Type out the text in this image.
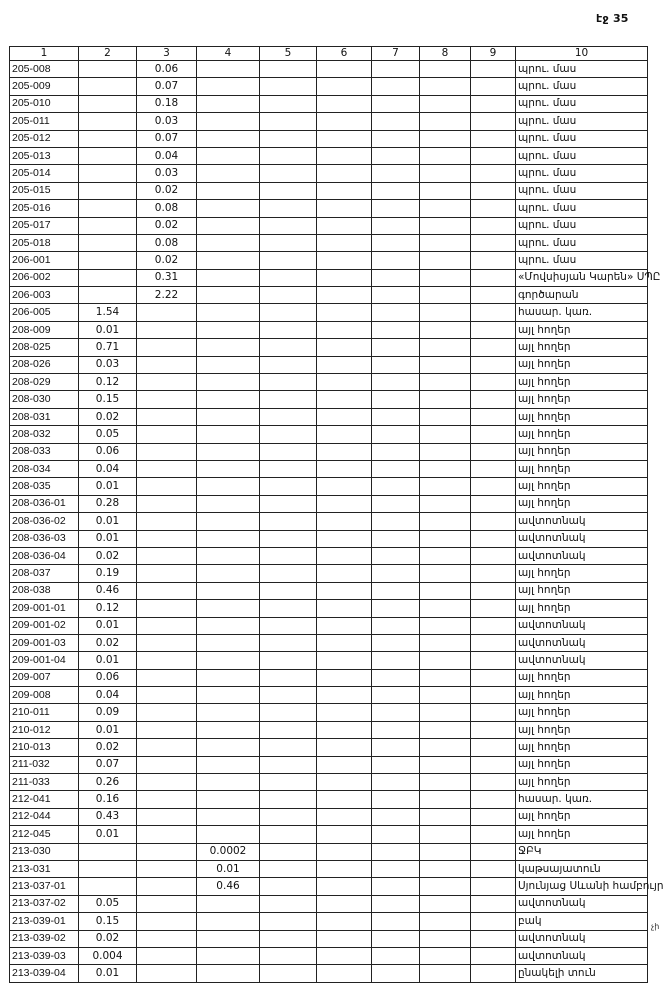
էջ 35
չի
1	2	3	4	5	6	7	8	9	10
205-008		0.06							պրու. մաս
205-009		0.07							պրու. մաս
205-010		0.18							պրու. մաս
205-011		0.03							պրու. մաս
205-012		0.07							պրու. մաս
205-013		0.04							պրու. մաս
205-014		0.03							պրու. մաս
205-015		0.02							պրու. մաս
205-016		0.08							պրու. մաս
205-017		0.02							պրու. մաս
205-018		0.08							պրու. մաս
206-001		0.02							պրու. մաս
206-002		0.31							«Մովսիսյան Կարեն» ՍՊԸ
206-003		2.22							գործարան
206-005	1.54								հասար. կառ.
208-009	0.01								այլ հողեր
208-025	0.71								այլ հողեր
208-026	0.03								այլ հողեր
208-029	0.12								այլ հողեր
208-030	0.15								այլ հողեր
208-031	0.02								այլ հողեր
208-032	0.05								այլ հողեր
208-033	0.06								այլ հողեր
208-034	0.04								այլ հողեր
208-035	0.01								այլ հողեր
208-036-01	0.28								այլ հողեր
208-036-02	0.01								ավտոտնակ
208-036-03	0.01								ավտոտնակ
208-036-04	0.02								ավտոտնակ
208-037	0.19								այլ հողեր
208-038	0.46								այլ հողեր
209-001-01	0.12								այլ հողեր
209-001-02	0.01								ավտոտնակ
209-001-03	0.02								ավտոտնակ
209-001-04	0.01								ավտոտնակ
209-007	0.06								այլ հողեր
209-008	0.04								այլ հողեր
210-011	0.09								այլ հողեր
210-012	0.01								այլ հողեր
210-013	0.02								այլ հողեր
211-032	0.07								այլ հողեր
211-033	0.26								այլ հողեր
212-041	0.16								հասար. կառ.
212-044	0.43								այլ հողեր
212-045	0.01								այլ հողեր
213-030			0.0002						ՋԲԿ
213-031			0.01						կաթսայատուն
213-037-01			0.46						Սյունյաց Սևանի համբույր
213-037-02	0.05								ավտոտնակ
213-039-01	0.15								բակ
213-039-02	0.02								ավտոտնակ
213-039-03	0.004								ավտոտնակ
213-039-04	0.01								ընակելի տուն
